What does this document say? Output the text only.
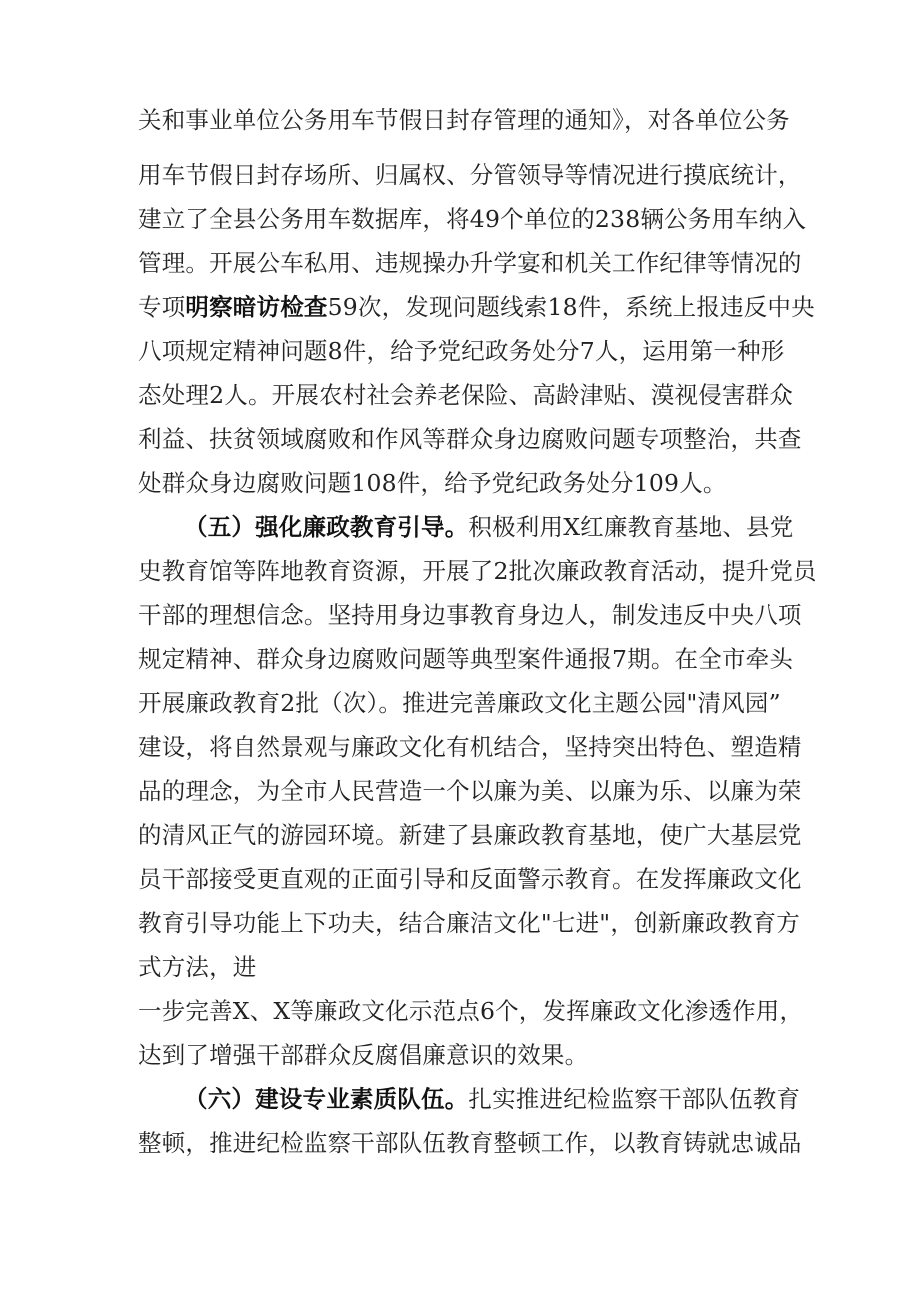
关和事业单位公务用车节假日封存管理的通知》，对各单位公务
用车节假日封存场所、归属权、分管领导等情况进行摸底统计，
建立了全县公务用车数据库，将49个单位的238辆公务用车纳入
管理。开展公车私用、违规操办升学宴和机关工作纪律等情况的
专项明察暗访检查59次，发现问题线索18件，系统上报违反中央
八项规定精神问题8件，给予党纪政务处分7人，运用第一种形
态处理2人。开展农村社会养老保险、高龄津贴、漠视侵害群众
利益、扶贫领域腐败和作风等群众身边腐败问题专项整治，共查
处群众身边腐败问题108件，给予党纪政务处分109人。
（五）强化廉政教育引导。积极利用X红廉教育基地、县党
史教育馆等阵地教育资源，开展了2批次廉政教育活动，提升党员
干部的理想信念。坚持用身边事教育身边人，制发违反中央八项
规定精神、群众身边腐败问题等典型案件通报7期。在全市牵头
开展廉政教育2批（次）。推进完善廉政文化主题公园"清风园”
建设，将自然景观与廉政文化有机结合，坚持突出特色、塑造精
品的理念，为全市人民营造一个以廉为美、以廉为乐、以廉为荣
的清风正气的游园环境。新建了县廉政教育基地，使广大基层党
员干部接受更直观的正面引导和反面警示教育。在发挥廉政文化
教育引导功能上下功夫，结合廉洁文化"七进"，创新廉政教育方
式方法，进
一步完善X、X等廉政文化示范点6个，发挥廉政文化渗透作用，
达到了增强干部群众反腐倡廉意识的效果。
（六）建设专业素质队伍。扎实推进纪检监察干部队伍教育
整顿，推进纪检监察干部队伍教育整顿工作，以教育铸就忠诚品
